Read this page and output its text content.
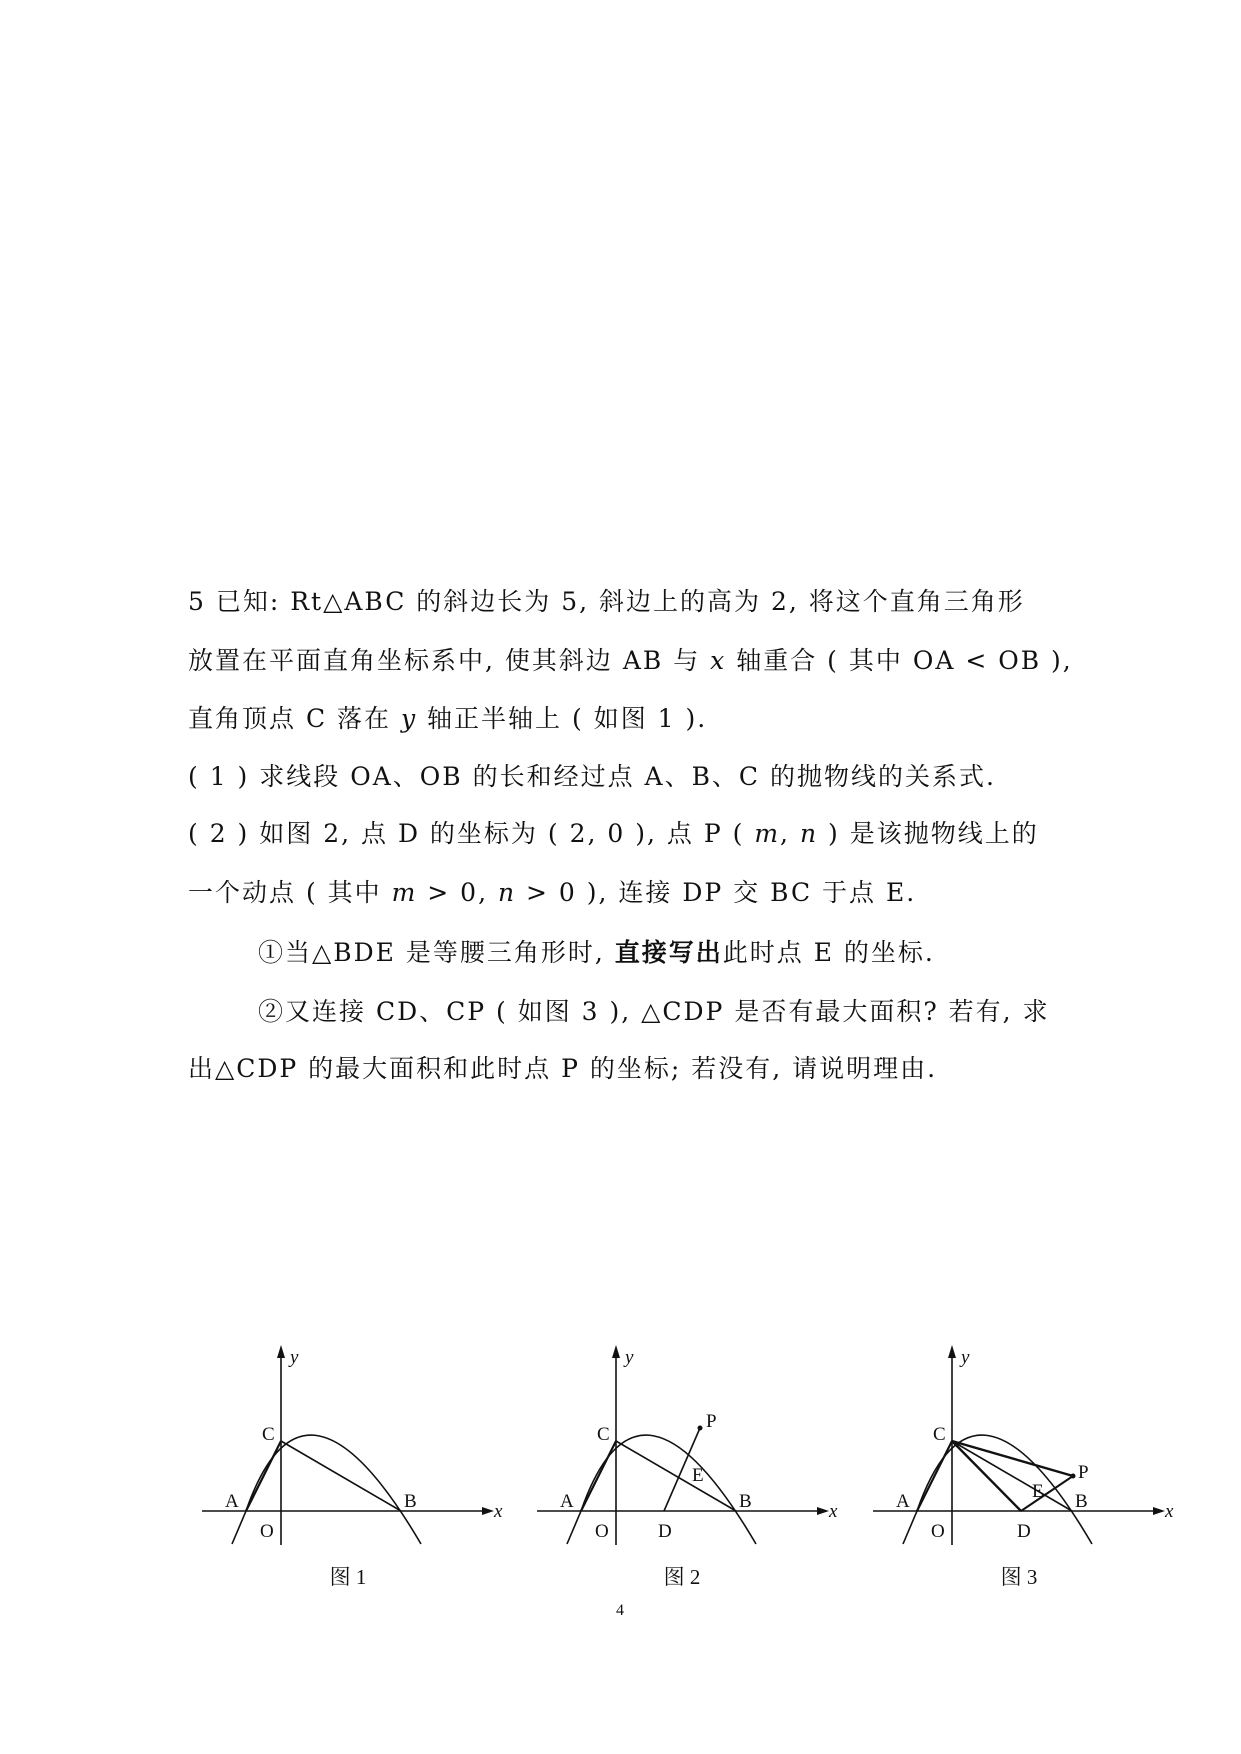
5 已知: Rt△ABC 的斜边长为 5, 斜边上的高为 2, 将这个直角三角形
放置在平面直角坐标系中, 使其斜边 AB 与 x 轴重合 ( 其中 OA < OB ),
直角顶点 C 落在 y 轴正半轴上 ( 如图 1 ).
( 1 ) 求线段 OA、OB 的长和经过点 A、B、C 的抛物线的关系式.
( 2 ) 如图 2, 点 D 的坐标为 ( 2, 0 ), 点 P ( m, n ) 是该抛物线上的
一个动点 ( 其中 m > 0, n > 0 ), 连接 DP 交 BC 于点 E.
①当△BDE 是等腰三角形时, 直接写出此时点 E 的坐标.
②又连接 CD、CP ( 如图 3 ), △CDP 是否有最大面积? 若有, 求
出△CDP 的最大面积和此时点 P 的坐标; 若没有, 请说明理由.
y
x
C
A	B
O
y
x
C
A	B
O	D
E
P
y
x
C
A	B
O	D
E
P
图 1	图 2	图 3
4
